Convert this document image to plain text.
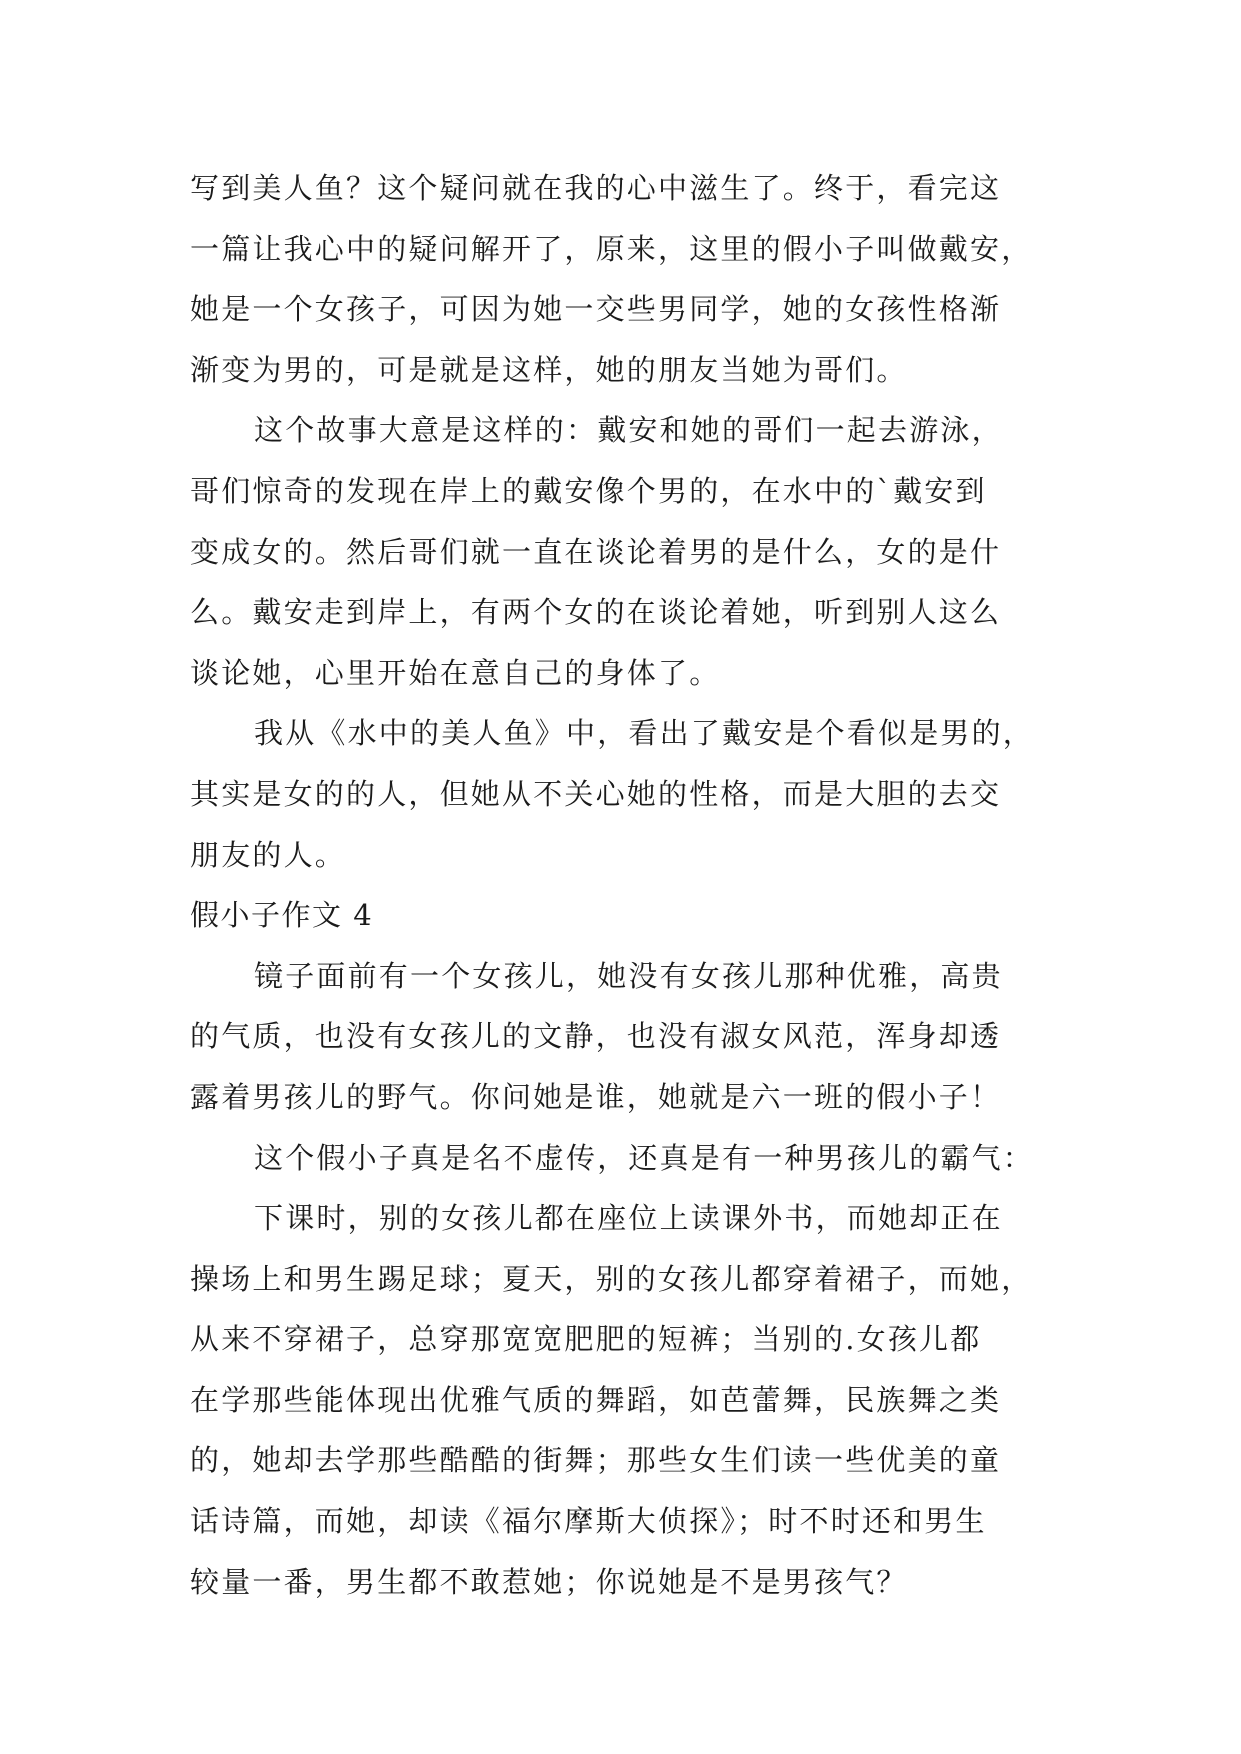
写到美人鱼？这个疑问就在我的心中滋生了。终于，看完这
一篇让我心中的疑问解开了，原来，这里的假小子叫做戴安，
她是一个女孩子，可因为她一交些男同学，她的女孩性格渐
渐变为男的，可是就是这样，她的朋友当她为哥们。
这个故事大意是这样的：戴安和她的哥们一起去游泳，
哥们惊奇的发现在岸上的戴安像个男的，在水中的`戴安到
变成女的。然后哥们就一直在谈论着男的是什么，女的是什
么。戴安走到岸上，有两个女的在谈论着她，听到别人这么
谈论她，心里开始在意自己的身体了。
我从《水中的美人鱼》中，看出了戴安是个看似是男的，
其实是女的的人，但她从不关心她的性格，而是大胆的去交
朋友的人。
假小子作文 4
镜子面前有一个女孩儿，她没有女孩儿那种优雅，高贵
的气质，也没有女孩儿的文静，也没有淑女风范，浑身却透
露着男孩儿的野气。你问她是谁，她就是六一班的假小子！
这个假小子真是名不虚传，还真是有一种男孩儿的霸气：
下课时，别的女孩儿都在座位上读课外书，而她却正在
操场上和男生踢足球；夏天，别的女孩儿都穿着裙子，而她，
从来不穿裙子，总穿那宽宽肥肥的短裤；当别的.女孩儿都
在学那些能体现出优雅气质的舞蹈，如芭蕾舞，民族舞之类
的，她却去学那些酷酷的街舞；那些女生们读一些优美的童
话诗篇，而她，却读《福尔摩斯大侦探》；时不时还和男生
较量一番，男生都不敢惹她；你说她是不是男孩气？
